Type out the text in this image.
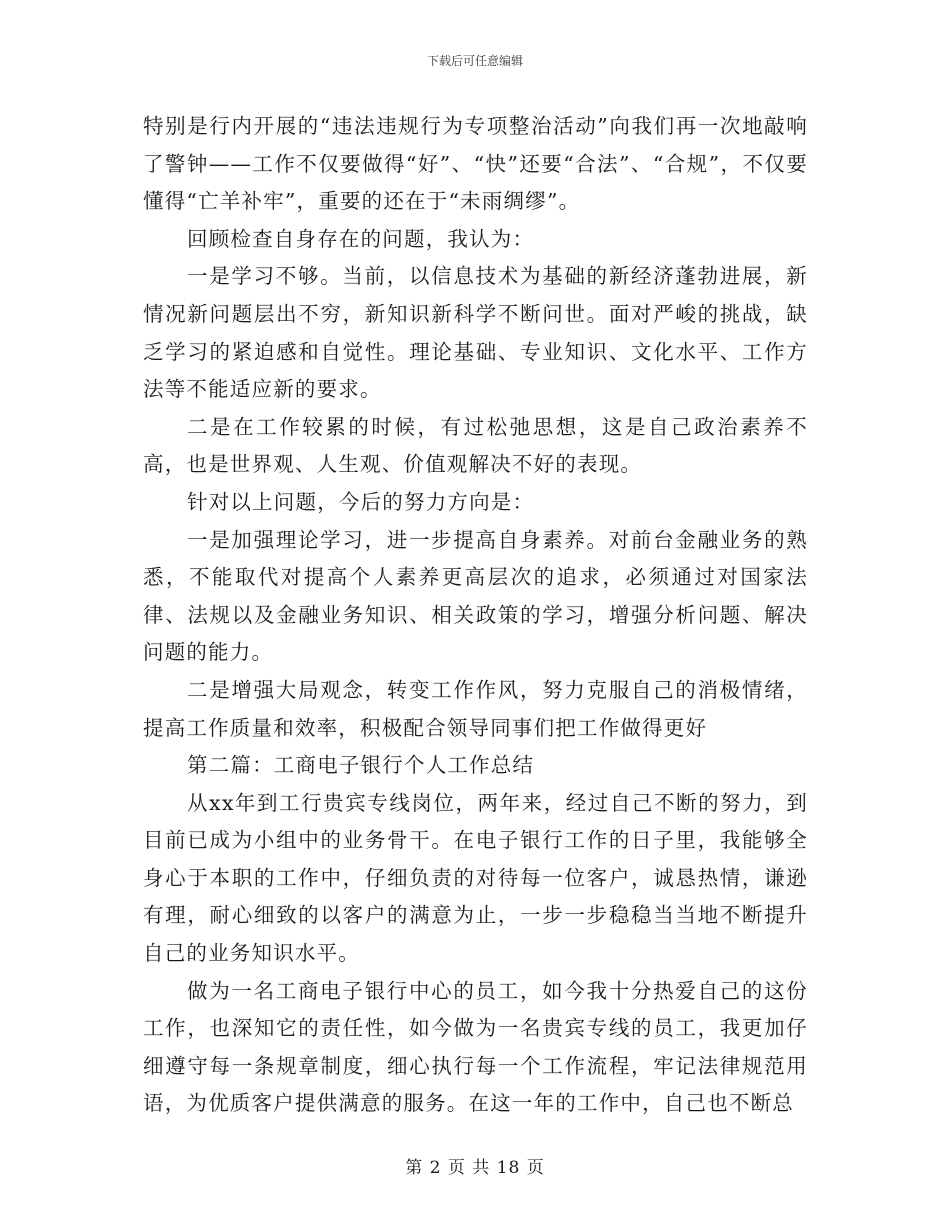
下载后可任意编辑

特别是行内开展的“违法违规行为专项整治活动”向我们再一次地敲响了警钟——工作不仅要做得“好”、“快”还要“合法”、“合规”，不仅要懂得“亡羊补牢”，重要的还在于“未雨绸缪”。

回顾检查自身存在的问题，我认为：

一是学习不够。当前，以信息技术为基础的新经济蓬勃进展，新情况新问题层出不穷，新知识新科学不断问世。面对严峻的挑战，缺乏学习的紧迫感和自觉性。理论基础、专业知识、文化水平、工作方法等不能适应新的要求。

二是在工作较累的时候，有过松弛思想，这是自己政治素养不高，也是世界观、人生观、价值观解决不好的表现。

针对以上问题，今后的努力方向是：

一是加强理论学习，进一步提高自身素养。对前台金融业务的熟悉，不能取代对提高个人素养更高层次的追求，必须通过对国家法律、法规以及金融业务知识、相关政策的学习，增强分析问题、解决问题的能力。

二是增强大局观念，转变工作作风，努力克服自己的消极情绪，提高工作质量和效率，积极配合领导同事们把工作做得更好

第二篇：工商电子银行个人工作总结

从xx年到工行贵宾专线岗位，两年来，经过自己不断的努力，到目前已成为小组中的业务骨干。在电子银行工作的日子里，我能够全身心于本职的工作中，仔细负责的对待每一位客户，诚恳热情，谦逊有理，耐心细致的以客户的满意为止，一步一步稳稳当当地不断提升自己的业务知识水平。

做为一名工商电子银行中心的员工，如今我十分热爱自己的这份工作，也深知它的责任性，如今做为一名贵宾专线的员工，我更加仔细遵守每一条规章制度，细心执行每一个工作流程，牢记法律规范用语，为优质客户提供满意的服务。在这一年的工作中，自己也不断总

第 2 页 共 18 页
